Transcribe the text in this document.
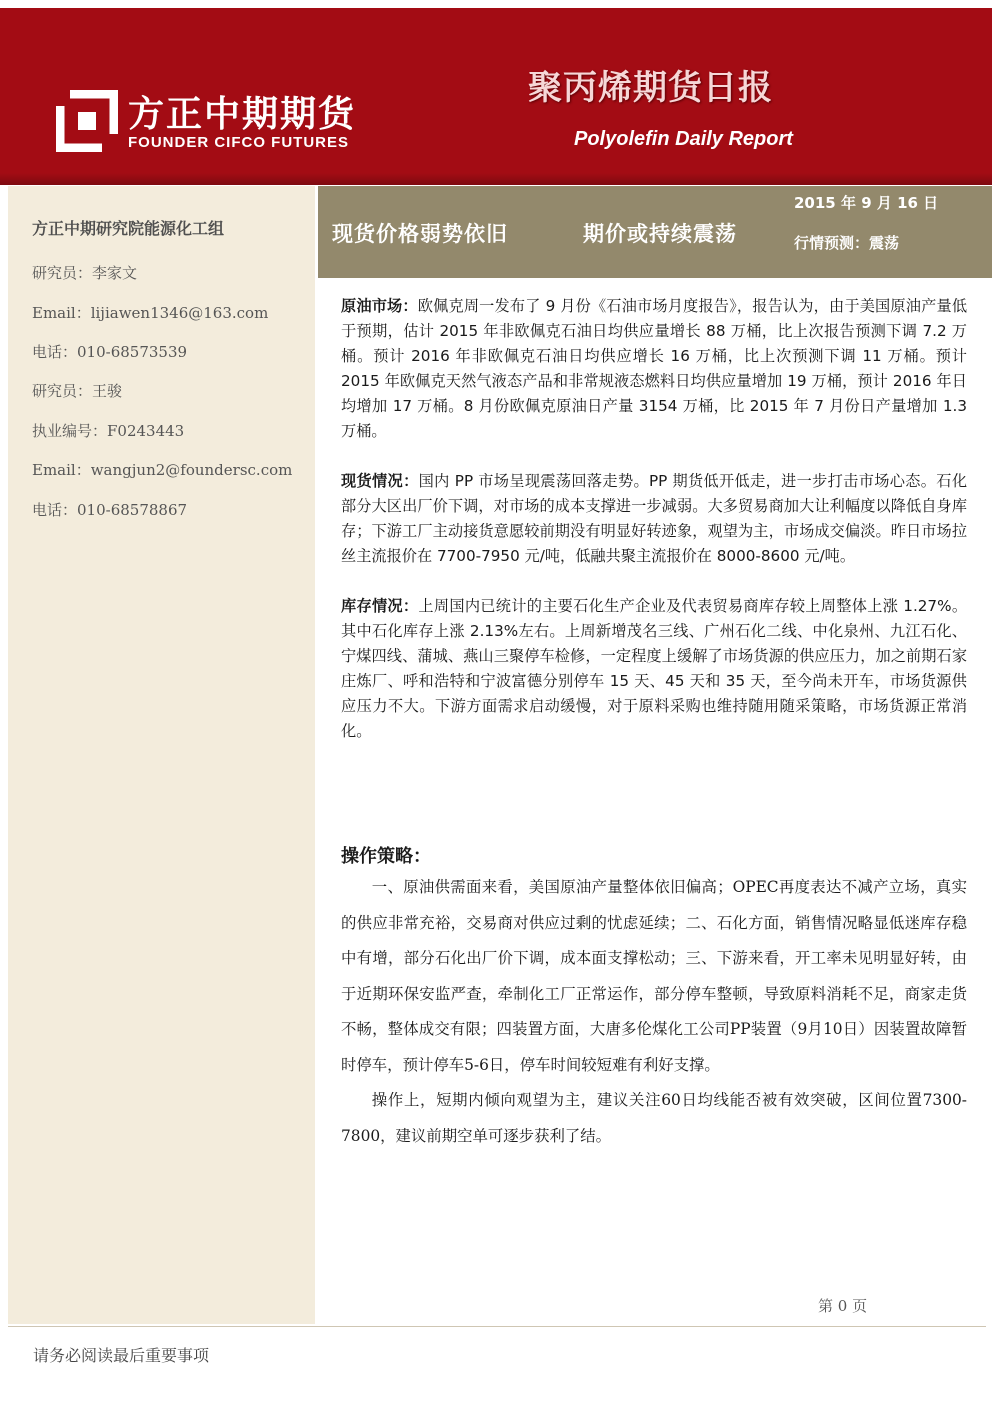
方正中期期货
FOUNDER CIFCO FUTURES
聚丙烯期货日报
Polyolefin Daily Report
方正中期研究院能源化工组
研究员：李家文
Email：lijiawen1346@163.com
电话：010-68573539
研究员：王骏
执业编号：F0243443
Email：wangjun2@foundersc.com
电话：010-68578867
现货价格弱势依旧	期价或持续震荡
2015 年 9 月 16 日
行情预测：震荡

原油市场：欧佩克周一发布了 9 月份《石油市场月度报告》，报告认为，由于美国原油产量低于预期，估计 2015 年非欧佩克石油日均供应量增长 88 万桶，比上次报告预测下调 7.2 万桶。预计 2016 年非欧佩克石油日均供应增长 16 万桶，比上次预测下调 11 万桶。预计 2015 年欧佩克天然气液态产品和非常规液态燃料日均供应量增加 19 万桶，预计 2016 年日均增加 17 万桶。8 月份欧佩克原油日产量 3154 万桶，比 2015 年 7 月份日产量增加 1.3 万桶。

现货情况：国内 PP 市场呈现震荡回落走势。PP 期货低开低走，进一步打击市场心态。石化部分大区出厂价下调，对市场的成本支撑进一步减弱。大多贸易商加大让利幅度以降低自身库存；下游工厂主动接货意愿较前期没有明显好转迹象，观望为主，市场成交偏淡。昨日市场拉丝主流报价在 7700-7950 元/吨，低融共聚主流报价在 8000-8600 元/吨。

库存情况：上周国内已统计的主要石化生产企业及代表贸易商库存较上周整体上涨 1.27%。其中石化库存上涨 2.13%左右。上周新增茂名三线、广州石化二线、中化泉州、九江石化、宁煤四线、蒲城、燕山三聚停车检修，一定程度上缓解了市场货源的供应压力，加之前期石家庄炼厂、呼和浩特和宁波富德分别停车 15 天、45 天和 35 天，至今尚未开车，市场货源供应压力不大。下游方面需求启动缓慢，对于原料采购也维持随用随采策略，市场货源正常消化。

操作策略：

一、原油供需面来看，美国原油产量整体依旧偏高；OPEC再度表达不减产立场，真实的供应非常充裕，交易商对供应过剩的忧虑延续；二、石化方面，销售情况略显低迷库存稳中有增，部分石化出厂价下调，成本面支撑松动；三、下游来看，开工率未见明显好转，由于近期环保安监严查，牵制化工厂正常运作，部分停车整顿，导致原料消耗不足，商家走货不畅，整体成交有限；四装置方面，大唐多伦煤化工公司PP装置（9月10日）因装置故障暂时停车，预计停车5-6日，停车时间较短难有利好支撑。

操作上，短期内倾向观望为主，建议关注60日均线能否被有效突破，区间位置7300-7800，建议前期空单可逐步获利了结。

第 0 页
请务必阅读最后重要事项
